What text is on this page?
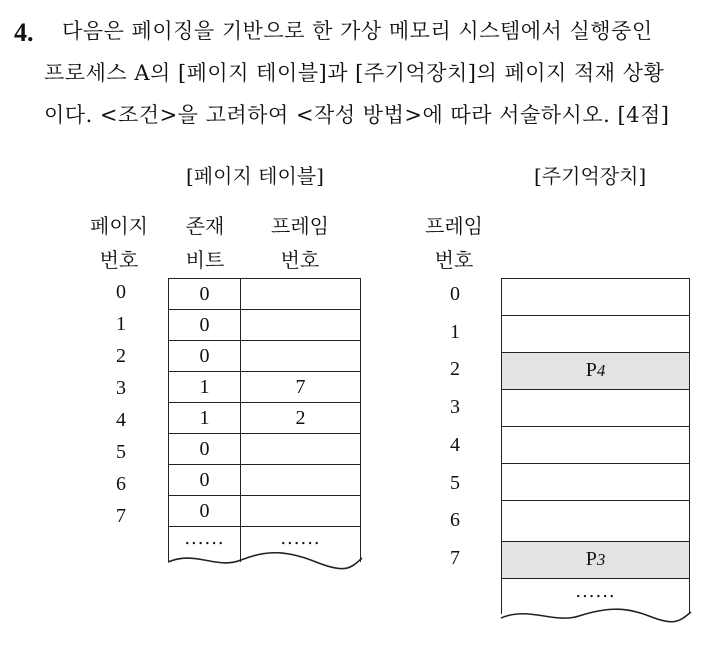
4. 다음은 페이징을 기반으로 한 가상 메모리 시스템에서 실행중인
프로세스 A의 [페이지 테이블]과 [주기억장치]의 페이지 적재 상황
이다. <조건>을 고려하여 <작성 방법>에 따라 서술하시오. [4점]
[페이지 테이블]
페이지
번호
존재
비트
프레임
번호
0
1
2
3
4
5
6
7
0
0
0
1
1
0
0
0
7
2
......	......
[주기억장치]
프레임
번호
0
1
2
3
4
5
6
7
P4
P3
......
